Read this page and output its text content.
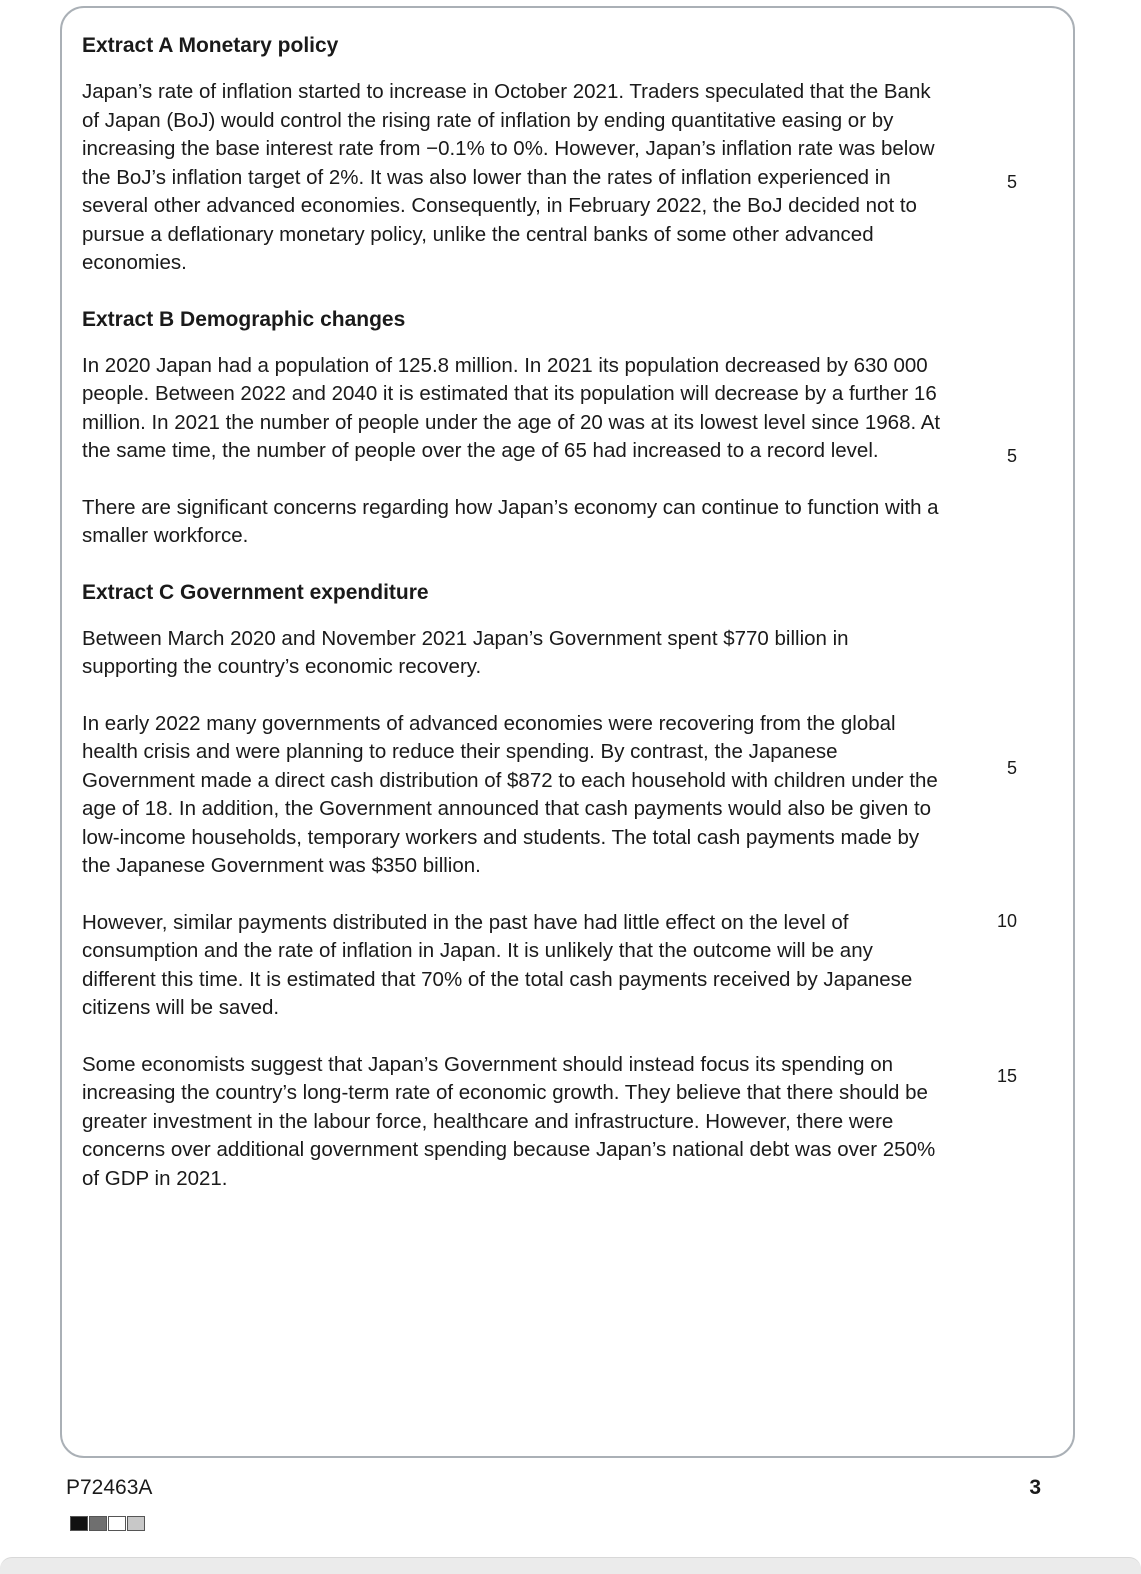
Extract A Monetary policy

Japan’s rate of inflation started to increase in October 2021. Traders speculated that the Bank of Japan (BoJ) would control the rising rate of inflation by ending quantitative easing or by increasing the base interest rate from −0.1% to 0%. However, Japan’s inflation rate was below the BoJ’s inflation target of 2%. It was also lower than the rates of inflation experienced in several other advanced economies. Consequently, in February 2022, the BoJ decided not to pursue a deflationary monetary policy, unlike the central banks of some other advanced economies.

Extract B Demographic changes

In 2020 Japan had a population of 125.8 million. In 2021 its population decreased by 630 000 people. Between 2022 and 2040 it is estimated that its population will decrease by a further 16 million. In 2021 the number of people under the age of 20 was at its lowest level since 1968. At the same time, the number of people over the age of 65 had increased to a record level.

There are significant concerns regarding how Japan’s economy can continue to function with a smaller workforce.

Extract C Government expenditure

Between March 2020 and November 2021 Japan’s Government spent $770 billion in supporting the country’s economic recovery.

In early 2022 many governments of advanced economies were recovering from the global health crisis and were planning to reduce their spending. By contrast, the Japanese Government made a direct cash distribution of $872 to each household with children under the age of 18. In addition, the Government announced that cash payments would also be given to low-income households, temporary workers and students. The total cash payments made by the Japanese Government was $350 billion.

However, similar payments distributed in the past have had little effect on the level of consumption and the rate of inflation in Japan. It is unlikely that the outcome will be any different this time. It is estimated that 70% of the total cash payments received by Japanese citizens will be saved.

Some economists suggest that Japan’s Government should instead focus its spending on increasing the country’s long-term rate of economic growth. They believe that there should be greater investment in the labour force, healthcare and infrastructure. However, there were concerns over additional government spending because Japan’s national debt was over 250% of GDP in 2021.

5
5
5
10
15
P72463A	3
